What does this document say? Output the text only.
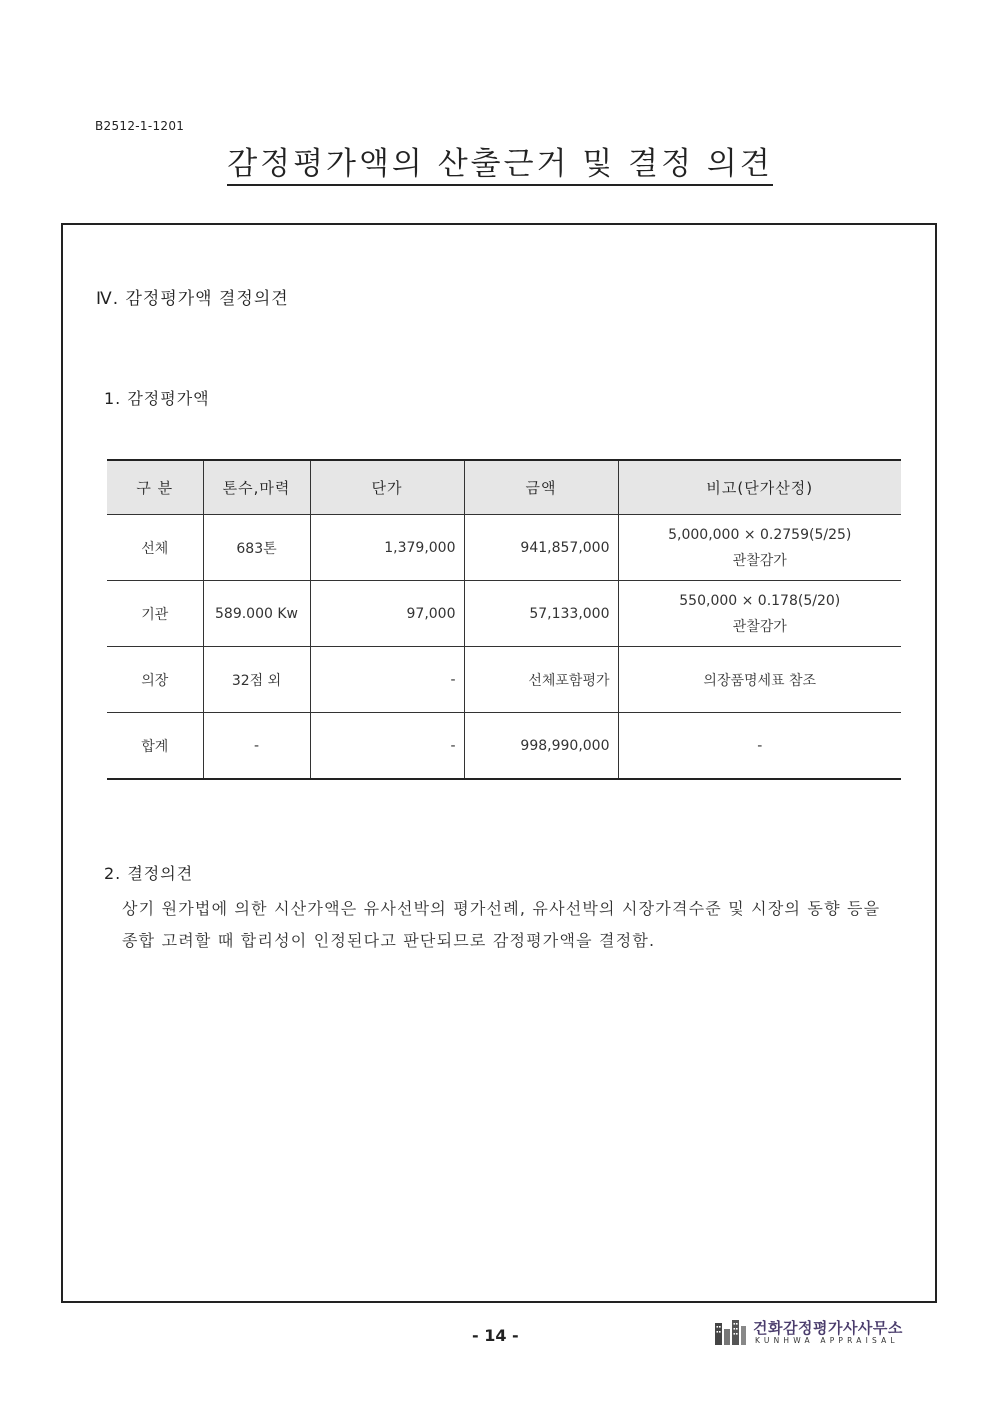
B2512-1-1201
감정평가액의 산출근거 및 결정 의견
Ⅳ. 감정평가액 결정의견
1. 감정평가액
구 분	톤수,마력	단가	금액	비고(단가산정)
선체	683톤	1,379,000	941,857,000	5,000,000 × 0.2759(5/25)
관찰감가

기관	589.000 Kw	97,000	57,133,000	550,000 × 0.178(5/20)
관찰감가

의장	32점 외	-	선체포함평가	의장품명세표 참조
합계	-	-	998,990,000	-
2. 결정의견
상기 원가법에 의한 시산가액은 유사선박의 평가선례, 유사선박의 시장가격수준 및 시장의 동향 등을 종합 고려할 때 합리성이 인정된다고 판단되므로 감정평가액을 결정함.
- 14 -	건화감정평가사사무소
KUNHWA APPRAISAL
